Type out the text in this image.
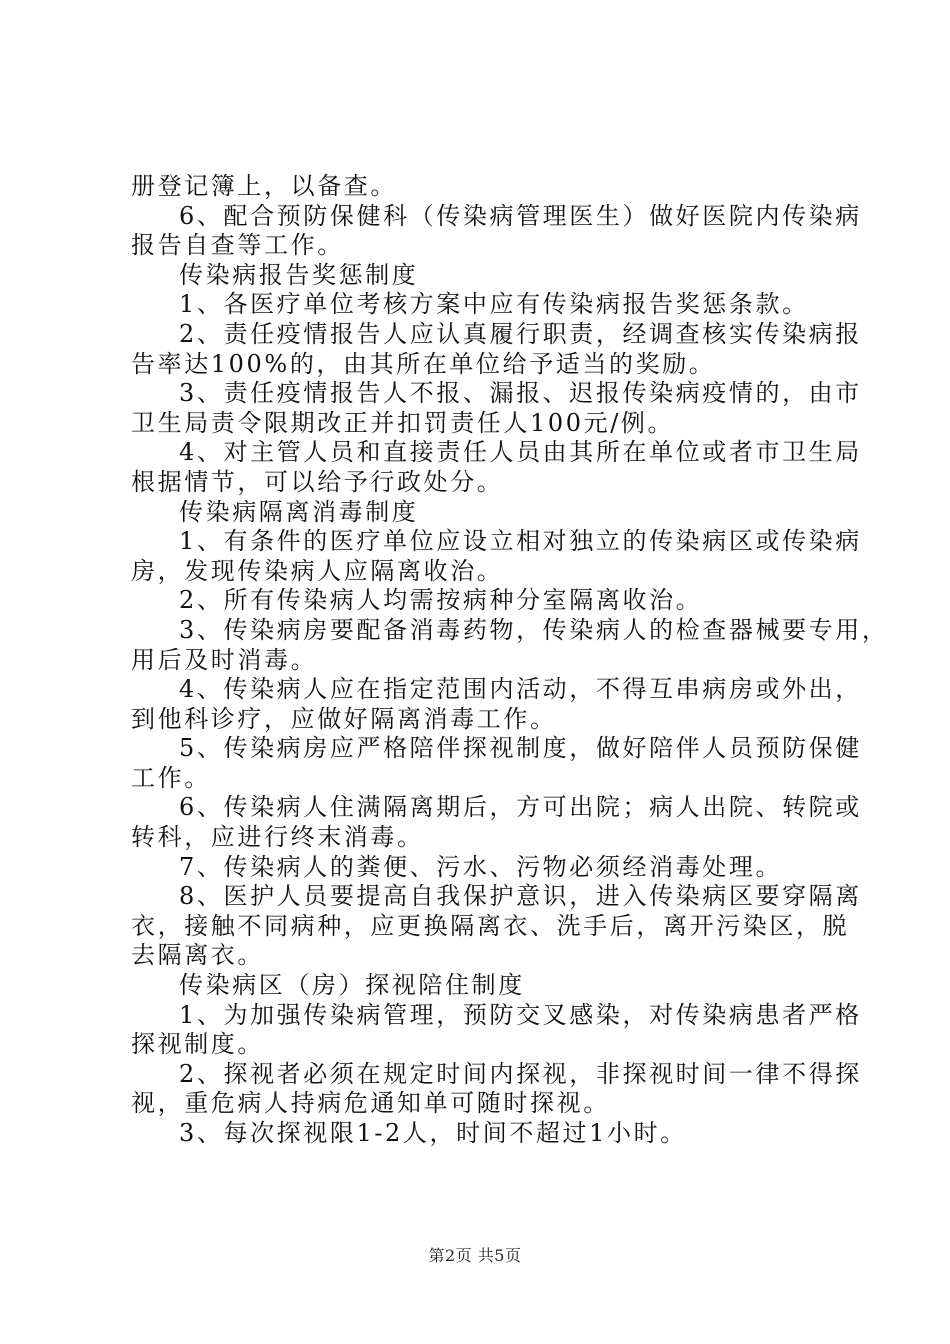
册登记簿上，以备查。
6、配合预防保健科（传染病管理医生）做好医院内传染病
报告自查等工作。
传染病报告奖惩制度
1、各医疗单位考核方案中应有传染病报告奖惩条款。
2、责任疫情报告人应认真履行职责，经调查核实传染病报
告率达100%的，由其所在单位给予适当的奖励。
3、责任疫情报告人不报、漏报、迟报传染病疫情的，由市
卫生局责令限期改正并扣罚责任人100元/例。
4、对主管人员和直接责任人员由其所在单位或者市卫生局
根据情节，可以给予行政处分。
传染病隔离消毒制度
1、有条件的医疗单位应设立相对独立的传染病区或传染病
房，发现传染病人应隔离收治。
2、所有传染病人均需按病种分室隔离收治。
3、传染病房要配备消毒药物，传染病人的检查器械要专用，
用后及时消毒。
4、传染病人应在指定范围内活动，不得互串病房或外出，
到他科诊疗，应做好隔离消毒工作。
5、传染病房应严格陪伴探视制度，做好陪伴人员预防保健
工作。
6、传染病人住满隔离期后，方可出院；病人出院、转院或
转科，应进行终末消毒。
7、传染病人的粪便、污水、污物必须经消毒处理。
8、医护人员要提高自我保护意识，进入传染病区要穿隔离
衣，接触不同病种，应更换隔离衣、洗手后，离开污染区，脱
去隔离衣。
传染病区（房）探视陪住制度
1、为加强传染病管理，预防交叉感染，对传染病患者严格
探视制度。
2、探视者必须在规定时间内探视，非探视时间一律不得探
视，重危病人持病危通知单可随时探视。
3、每次探视限1-2人，时间不超过1小时。
第2页 共5页
